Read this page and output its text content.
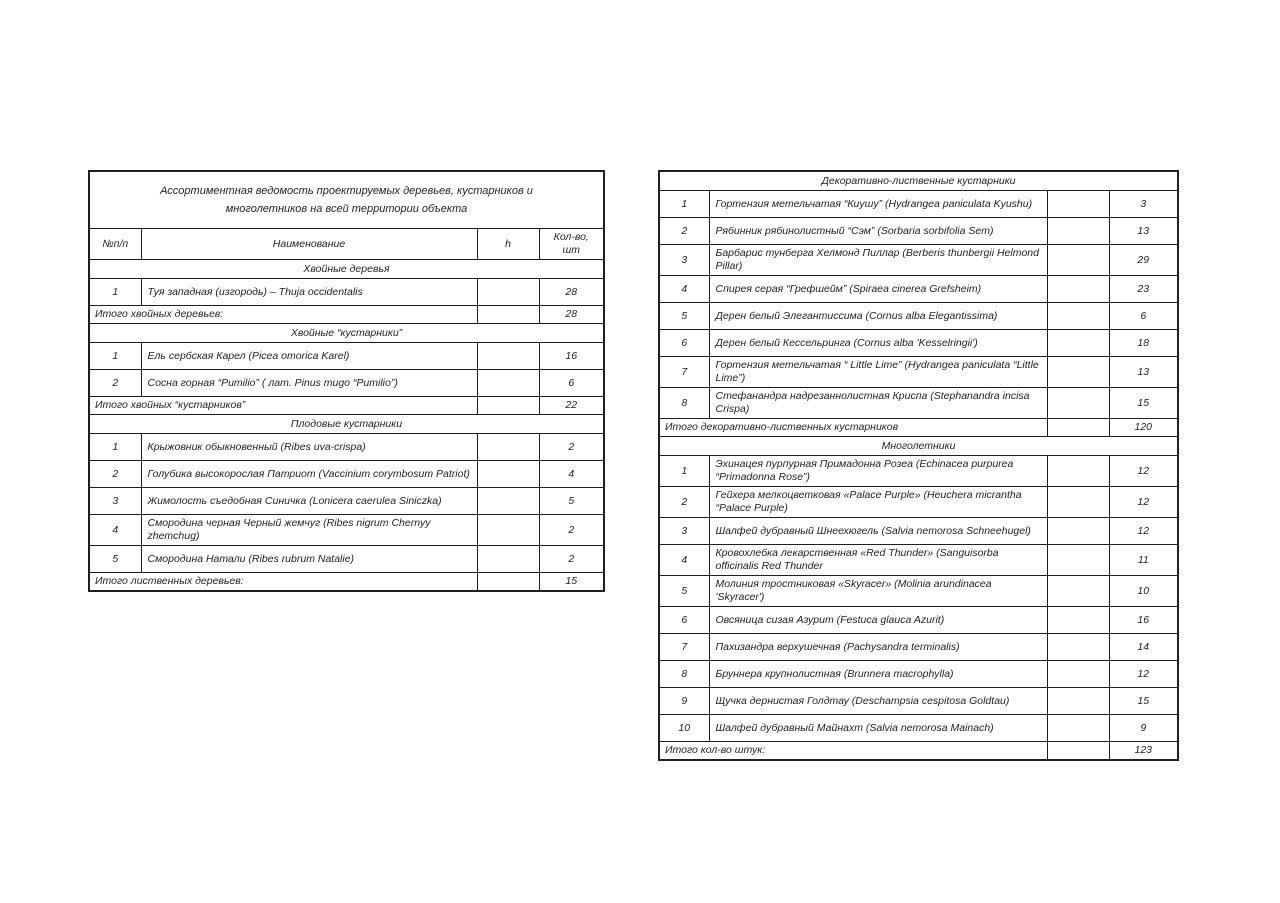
Ассортиментная ведомость проектируемых деревьев, кустарников и
многолетников на всей территории объекта			

№п/п	Наименование	h	Кол-во, шт
Хвойные деревья			
1	Туя западная (изгородь) – Thuja occidentalis		28
Итого хвойных деревьев:			28
Хвойные “кустарники”			
1	Ель сербская Карел (Picea omorica Karel)		16
2	Сосна горная “Pumilio” ( лат. Pinus mugo “Pumilio”)		6
Итого хвойных “кустарников”			22
Плодовые кустарники			
1	Крыжовник обыкновенный (Ribes uva-crispa)		2
2	Голубика высокорослая Патриот (Vaccinium corymbosum Patriot)		4
3	Жимолость съедобная Синичка (Lonicera caerulea Siniczka)		5
4	Смородина черная Черный жемчуг (Ribes nigrum Chernyy zhemchug)		2
5	Смородина Натали (Ribes rubrum Natalie)		2
Итого лиственных деревьев:			15
Декоративно-лиственные кустарники			
1	Гортензия метельчатая “Киушу” (Hydrangea paniculata Kyushu)		3
2	Рябинник рябинолистный “Сэм” (Sorbaria sorbifolia Sem)		13
3	Барбарис тунберга Хелмонд Пиллар (Berberis thunbergii Helmond Pillar)		29
4	Спирея серая “Грефшейм” (Spiraea cinerea Grefsheim)		23
5	Дерен белый Элегантиссима (Cornus alba Elegantissima)		6
6	Дерен белый Кессельринга (Cornus alba 'Kesselringii')		18
7	Гортензия метельчатая “ Little Lime” (Hydrangea paniculata “Little Lime”)		13
8	Стефанандра надрезаннолистная Криспа (Stephanandra incisa Crispa)		15
Итого декоративно-лиственных кустарников			120
Многолетники			
1	Эхинацея пурпурная Примадонна Розеа (Echinacea purpurea “Primadonna Rose”)		12
2	Гейхера мелкоцветковая «Palace Purple» (Heuchera micrantha “Palace Purple)		12
3	Шалфей дубравный Шнеехюгель (Salvia nemorosa Schneehugel)		12
4	Кровохлебка лекарственная «Red Thunder» (Sanguisorba officinalis Red Thunder		11
5	Молиния тростниковая «Skyracer» (Molinia arundinacea 'Skyracer')		10
6	Овсяница сизая Азурит (Festuca glauca Azurit)		16
7	Пахизандра верхушечная (Pachysandra terminalis)		14
8	Бруннера крупнолистная (Brunnera macrophylla)		12
9	Щучка дернистая Голдтау (Deschampsia cespitosa Goldtau)		15
10	Шалфей дубравный Майнахт (Salvia nemorosa Mainach)		9
Итого кол-во штук:			123
